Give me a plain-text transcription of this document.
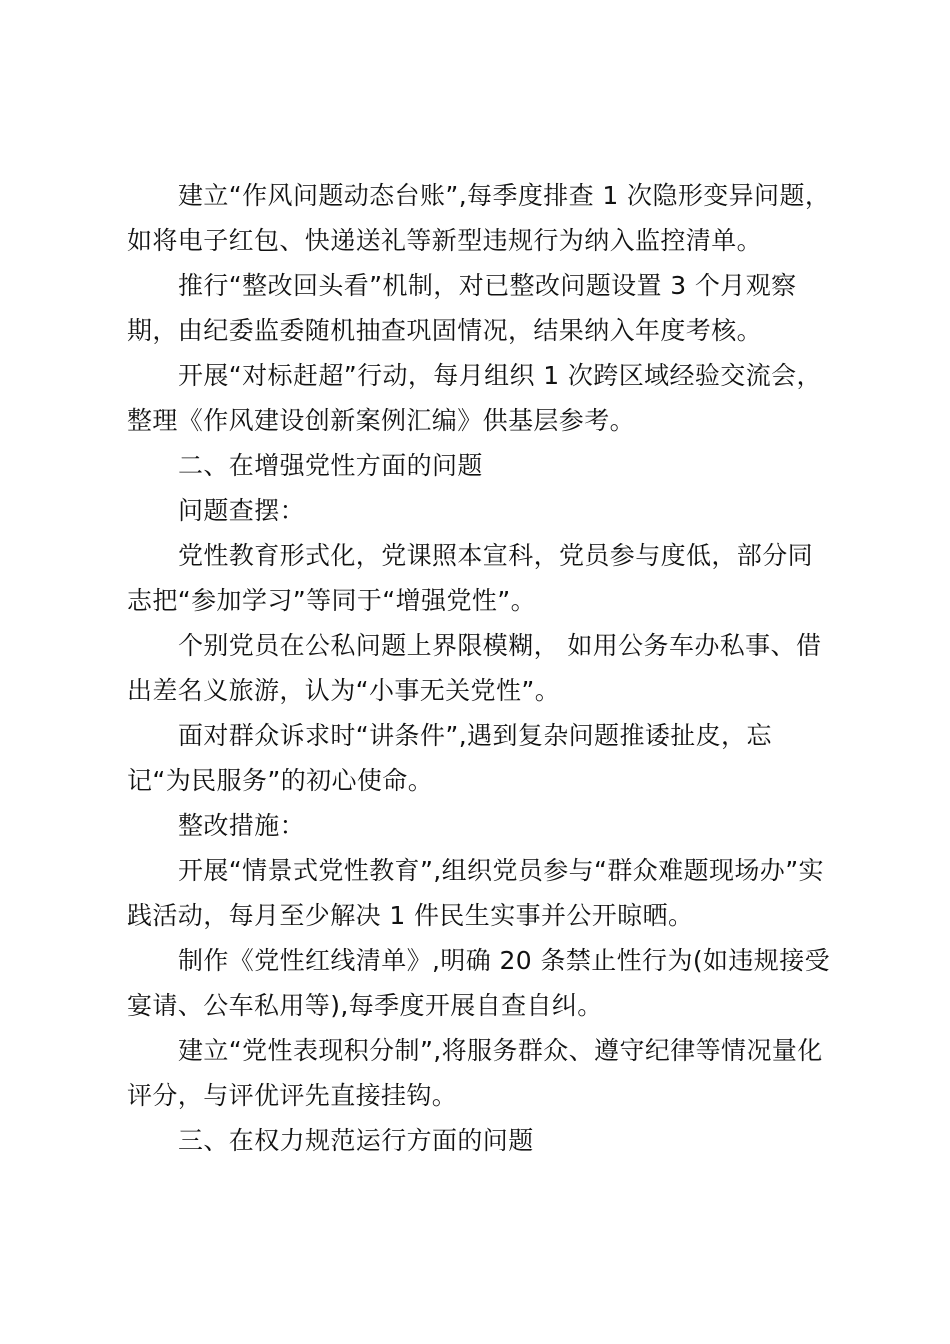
建立“作风问题动态台账”,每季度排查 1 次隐形变异问题，
如将电子红包、快递送礼等新型违规行为纳入监控清单。

推行“整改回头看”机制，对已整改问题设置 3 个月观察
期，由纪委监委随机抽查巩固情况，结果纳入年度考核。

开展“对标赶超”行动，每月组织 1 次跨区域经验交流会，
整理《作风建设创新案例汇编》供基层参考。

二、在增强党性方面的问题

问题查摆：

党性教育形式化，党课照本宣科，党员参与度低，部分同
志把“参加学习”等同于“增强党性”。

个别党员在公私问题上界限模糊， 如用公务车办私事、借
出差名义旅游，认为“小事无关党性”。

面对群众诉求时“讲条件”,遇到复杂问题推诿扯皮，忘
记“为民服务”的初心使命。

整改措施：

开展“情景式党性教育”,组织党员参与“群众难题现场办”实
践活动，每月至少解决 1 件民生实事并公开晾晒。

制作《党性红线清单》,明确 20 条禁止性行为(如违规接受
宴请、公车私用等),每季度开展自查自纠。

建立“党性表现积分制”,将服务群众、遵守纪律等情况量化
评分，与评优评先直接挂钩。

三、在权力规范运行方面的问题
